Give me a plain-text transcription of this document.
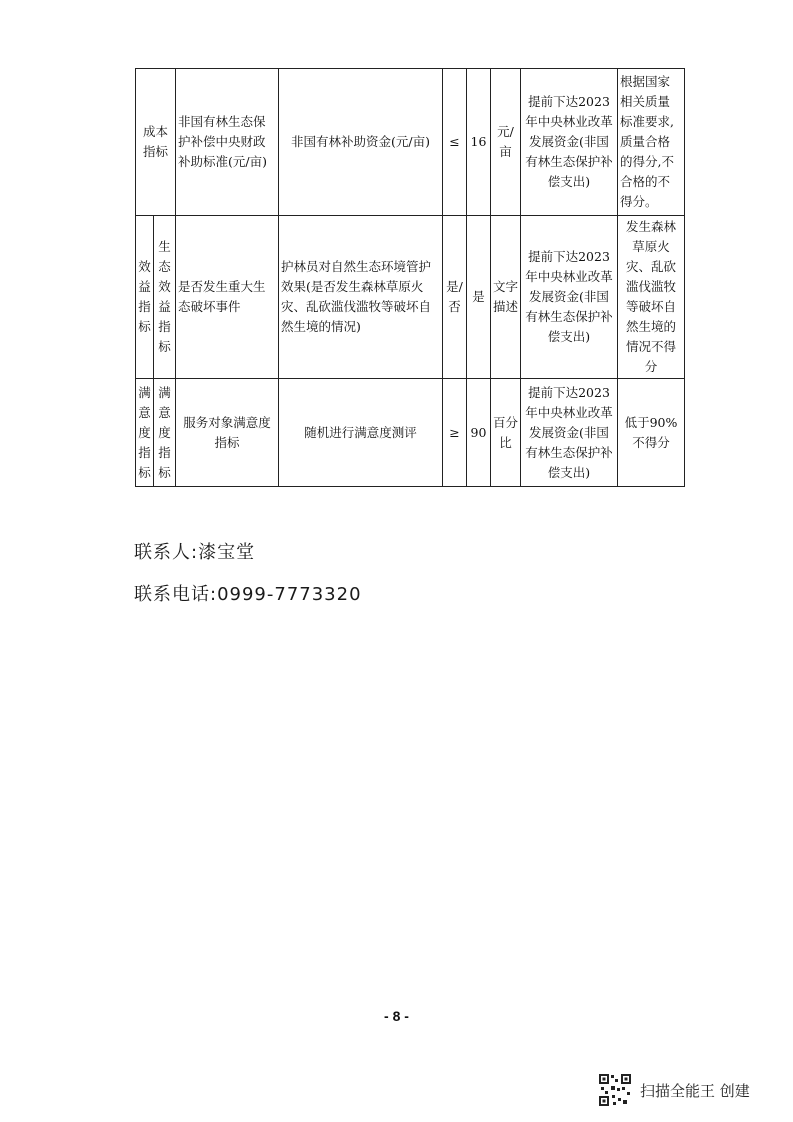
成本指标		非国有林生态保护补偿中央财政补助标准(元/亩)	非国有林补助资金(元/亩)	≤	16	元/亩	提前下达2023年中央林业改革发展资金(非国有林生态保护补偿支出)	根据国家相关质量标准要求,质量合格的得分,不合格的不得分。
效益指标	生态效益指标	是否发生重大生态破坏事件	护林员对自然生态环境管护效果(是否发生森林草原火灾、乱砍滥伐滥牧等破坏自然生境的情况)	是/否	是	文字描述	提前下达2023年中央林业改革发展资金(非国有林生态保护补偿支出)	发生森林草原火灾、乱砍滥伐滥牧等破坏自然生境的情况不得分
满意度指标	满意度指标	服务对象满意度指标	随机进行满意度测评	≥	90	百分比	提前下达2023年中央林业改革发展资金(非国有林生态保护补偿支出)	低于90%不得分
联系人:漆宝堂
联系电话:0999-7773320
- 8 -
扫描全能王 创建
